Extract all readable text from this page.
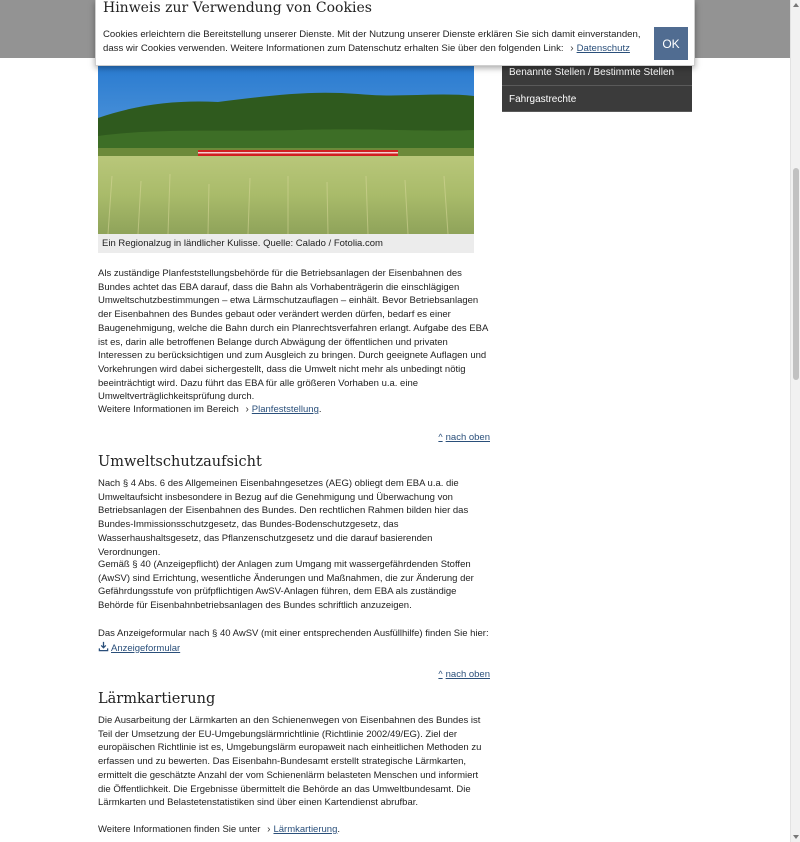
Benannte Stellen / Bestimmte Stellen
Fahrgastrechte
Hinweis zur Verwendung von Cookies
Cookies erleichtern die Bereitstellung unserer Dienste. Mit der Nutzung unserer Dienste erklären Sie sich damit einverstanden, dass wir Cookies verwenden. Weitere Informationen zum Datenschutz erhalten Sie über den folgenden Link: › Datenschutz	OK
Ein Regionalzug in ländlicher Kulisse. Quelle: Calado / Fotolia.com

Als zuständige Planfeststellungsbehörde für die Betriebsanlagen der Eisenbahnen des Bundes achtet das EBA darauf, dass die Bahn als Vorhabenträgerin die einschlägigen Umweltschutzbestimmungen – etwa Lärmschutzauflagen – einhält. Bevor Betriebsanlagen der Eisenbahnen des Bundes gebaut oder verändert werden dürfen, bedarf es einer Baugenehmigung, welche die Bahn durch ein Planrechtsverfahren erlangt. Aufgabe des EBA ist es, darin alle betroffenen Belange durch Abwägung der öffentlichen und privaten Interessen zu berücksichtigen und zum Ausgleich zu bringen. Durch geeignete Auflagen und Vorkehrungen wird dabei sichergestellt, dass die Umwelt nicht mehr als unbedingt nötig beeinträchtigt wird. Dazu führt das EBA für alle größeren Vorhaben u.a. eine Umweltverträglichkeitsprüfung durch.

Weitere Informationen im Bereich › Planfeststellung.
^ nach oben
Umweltschutzaufsicht

Nach § 4 Abs. 6 des Allgemeinen Eisenbahngesetzes (AEG) obliegt dem EBA u.a. die Umweltaufsicht insbesondere in Bezug auf die Genehmigung und Überwachung von Betriebsanlagen der Eisenbahnen des Bundes. Den rechtlichen Rahmen bilden hier das Bundes-Immissionsschutzgesetz, das Bundes-Bodenschutzgesetz, das Wasserhaushaltsgesetz, das Pflanzenschutzgesetz und die darauf basierenden Verordnungen.

Gemäß § 40 (Anzeigepflicht) der Anlagen zum Umgang mit wassergefährdenden Stoffen (AwSV) sind Errichtung, wesentliche Änderungen und Maßnahmen, die zur Änderung der Gefährdungsstufe von prüfpflichtigen AwSV-Anlagen führen, dem EBA als zuständige Behörde für Eisenbahnbetriebsanlagen des Bundes schriftlich anzuzeigen.

Das Anzeigeformular nach § 40 AwSV (mit einer entsprechenden Ausfüllhilfe) finden Sie hier:

Anzeigeformular
^ nach oben
Lärmkartierung

Die Ausarbeitung der Lärmkarten an den Schienenwegen von Eisenbahnen des Bundes ist Teil der Umsetzung der EU-Umgebungslärmrichtlinie (Richtlinie 2002/49/EG). Ziel der europäischen Richtlinie ist es, Umgebungslärm europaweit nach einheitlichen Methoden zu erfassen und zu bewerten. Das Eisenbahn-Bundesamt erstellt strategische Lärmkarten, ermittelt die geschätzte Anzahl der vom Schienenlärm belasteten Menschen und informiert die Öffentlichkeit. Die Ergebnisse übermittelt die Behörde an das Umweltbundesamt. Die Lärmkarten und Belastetenstatistiken sind über einen Kartendienst abrufbar.

Weitere Informationen finden Sie unter › Lärmkartierung.
